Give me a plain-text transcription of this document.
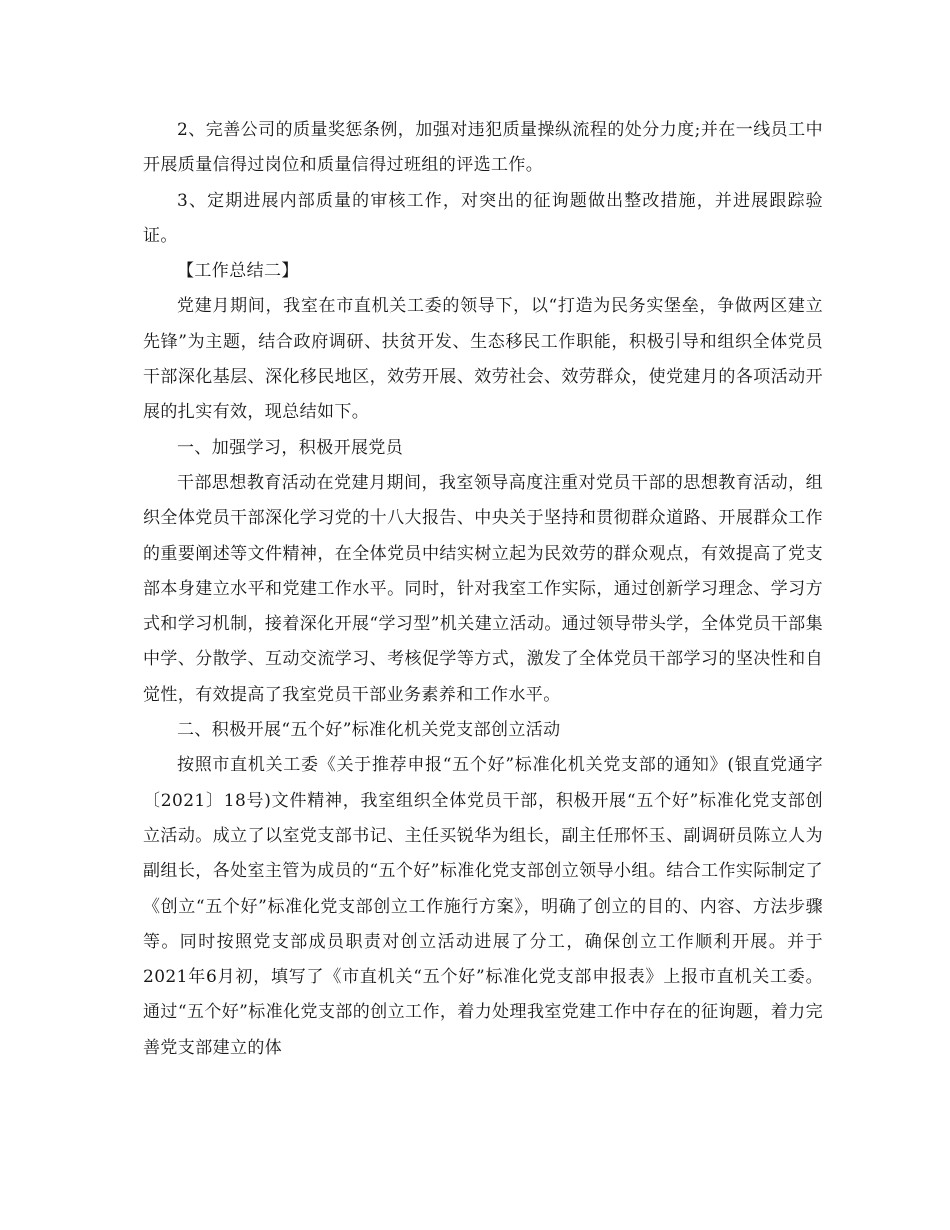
2、完善公司的质量奖惩条例，加强对违犯质量操纵流程的处分力度;并在一线员工中开展质量信得过岗位和质量信得过班组的评选工作。

3、定期进展内部质量的审核工作，对突出的征询题做出整改措施，并进展跟踪验证。

【工作总结二】

党建月期间，我室在市直机关工委的领导下，以“打造为民务实堡垒，争做两区建立先锋”为主题，结合政府调研、扶贫开发、生态移民工作职能，积极引导和组织全体党员干部深化基层、深化移民地区，效劳开展、效劳社会、效劳群众，使党建月的各项活动开展的扎实有效，现总结如下。

一、加强学习，积极开展党员

干部思想教育活动在党建月期间，我室领导高度注重对党员干部的思想教育活动，组织全体党员干部深化学习党的十八大报告、中央关于坚持和贯彻群众道路、开展群众工作的重要阐述等文件精神，在全体党员中结实树立起为民效劳的群众观点，有效提高了党支部本身建立水平和党建工作水平。同时，针对我室工作实际，通过创新学习理念、学习方式和学习机制，接着深化开展“学习型”机关建立活动。通过领导带头学，全体党员干部集中学、分散学、互动交流学习、考核促学等方式，激发了全体党员干部学习的坚决性和自觉性，有效提高了我室党员干部业务素养和工作水平。

二、积极开展“五个好”标准化机关党支部创立活动

按照市直机关工委《关于推荐申报“五个好”标准化机关党支部的通知》(银直党通字〔2021〕18号)文件精神，我室组织全体党员干部，积极开展“五个好”标准化党支部创立活动。成立了以室党支部书记、主任买锐华为组长，副主任邢怀玉、副调研员陈立人为副组长，各处室主管为成员的“五个好”标准化党支部创立领导小组。结合工作实际制定了《创立“五个好”标准化党支部创立工作施行方案》，明确了创立的目的、内容、方法步骤等。同时按照党支部成员职责对创立活动进展了分工，确保创立工作顺利开展。并于2021年6月初，填写了《市直机关“五个好”标准化党支部申报表》上报市直机关工委。通过“五个好”标准化党支部的创立工作，着力处理我室党建工作中存在的征询题，着力完善党支部建立的体
